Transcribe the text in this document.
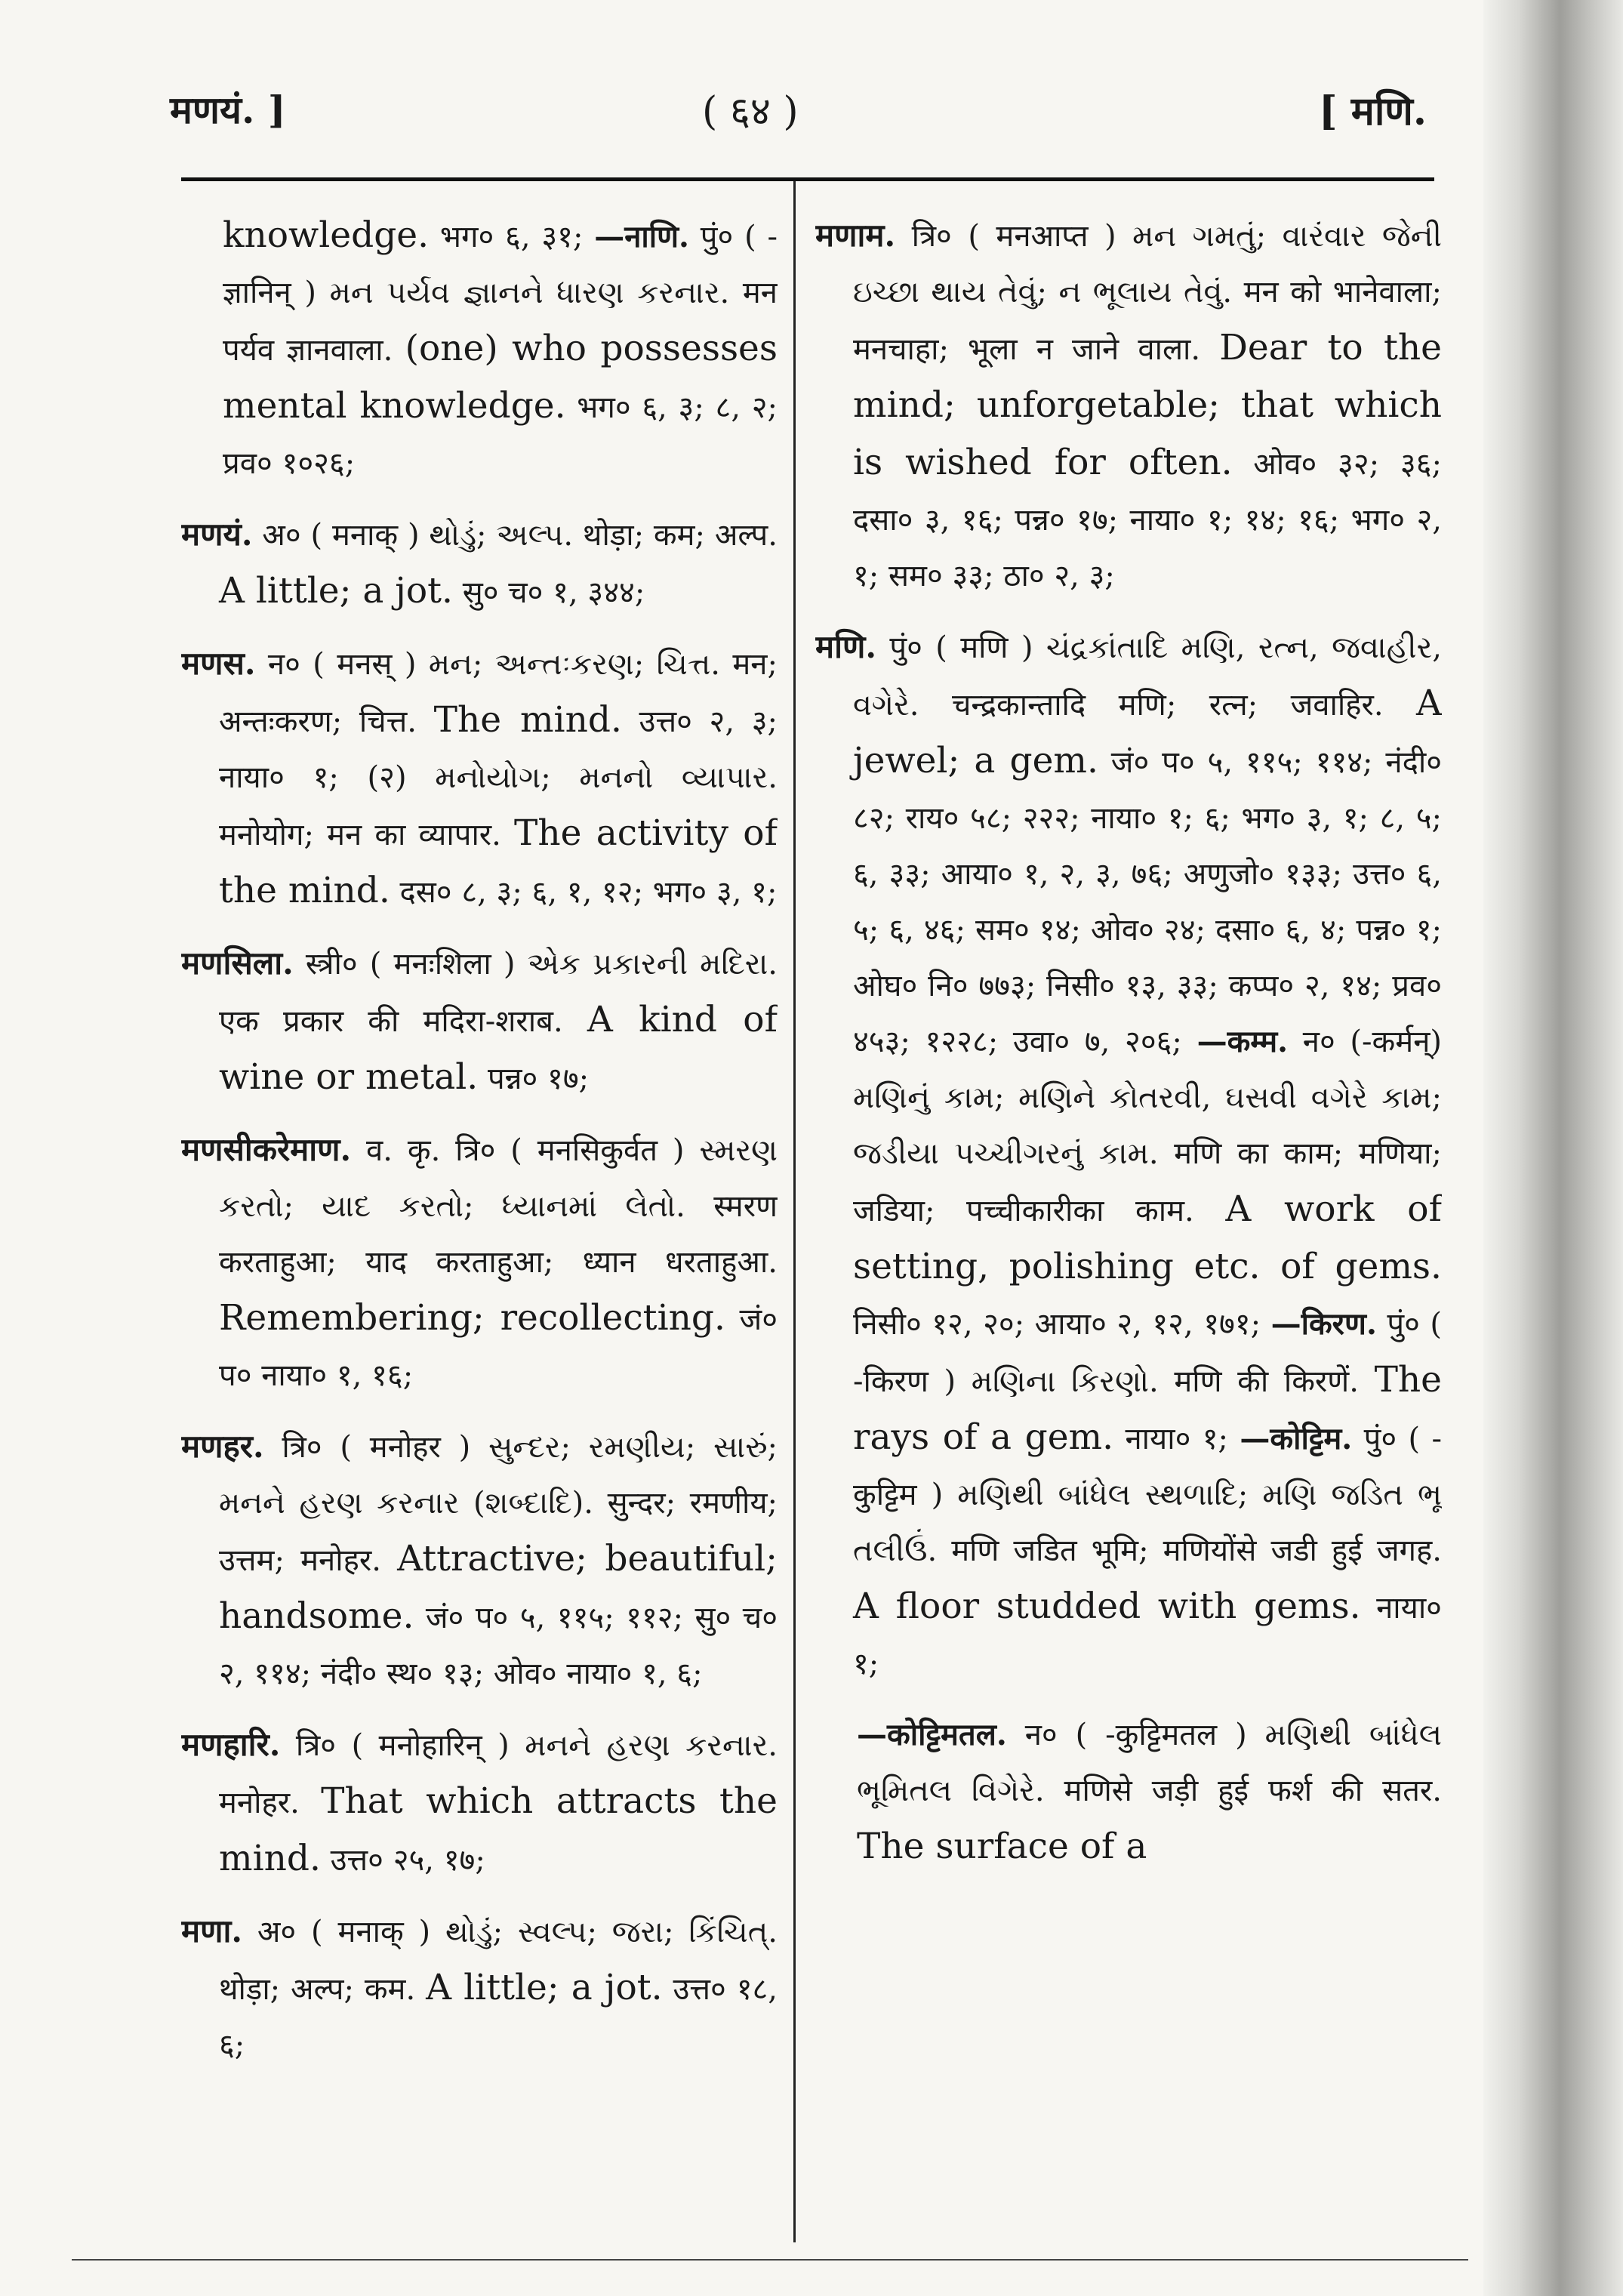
मणयं. ]	( ६४ )	[ मणि.

knowledge. भग० ६, ३१; —नाणि. पुं० ( -ज्ञानिन् ) મન પર્યવ જ્ઞાનને ધારણ કરનાર. मन पर्यव ज्ञानवाला. (one) who possesses mental knowledge. भग० ६, ३; ८, २; प्रव० १०२६;

मणयं. अ० ( मनाक् ) થોડું; અલ્પ. थोड़ा; कम; अल्प. A little; a jot. सु० च० १, ३४४;

मणस. न० ( मनस् ) મન; અન્તઃકરણ; ચિત્ત. मन; अन्तःकरण; चित्त. The mind. उत्त० २, ३; नाया० १; (२) મનોયોગ; મનનો વ્યાપાર. मनोयोग; मन का व्यापार. The activity of the mind. दस० ८, ३; ६, १, १२; भग० ३, १;

मणसिला. स्त्री० ( मनःशिला ) એક પ્રકારની મદિરા. एक प्रकार की मदिरा-शराब. A kind of wine or metal. पन्न० १७;

मणसीकरेमाण. व. कृ. त्रि० ( मनसिकुर्वत ) સ્મરણ કરતો; યાદ કરતો; ધ્યાનમાં લેતો. स्मरण करताहुआ; याद करताहुआ; ध्यान धरताहुआ. Remembering; recollecting. जं० प० नाया० १, १६;

मणहर. त्रि० ( मनोहर ) સુન્દર; રમણીય; સારું; મનને હરણ કરનાર (શબ્દાદિ). सुन्दर; रमणीय; उत्तम; मनोहर. Attractive; beautiful; handsome. जं० प० ५, ११५; ११२; सु० च० २, ११४; नंदी० स्थ० १३; ओव० नाया० १, ६;

मणहारि. त्रि० ( मनोहारिन् ) મનને હરણ કરનાર. मनोहर. That which attracts the mind. उत्त० २५, १७;

मणा. अ० ( मनाक् ) થોડું; સ્વલ્પ; જરા; કિંચિત્. थोड़ा; अल्प; कम. A little; a jot. उत्त० १८, ६;

मणाम. त्रि० ( मनआप्त ) મન ગમતું; વારંવાર જેની ઇચ્છા થાય તેવું; ન ભૂલાય તેવું. मन को भानेवाला; मनचाहा; भूला न जाने वाला. Dear to the mind; unforgetable; that which is wished for often. ओव० ३२; ३६; दसा० ३, १६; पन्न० १७; नाया० १; १४; १६; भग० २, १; सम० ३३; ठा० २, ३;

मणि. पुं० ( मणि ) ચંદ્રકાંતાદિ મણિ, રત્ન, જવાહીર, વગેરે. चन्द्रकान्तादि मणि; रत्न; जवाहिर. A jewel; a gem. जं० प० ५, ११५; ११४; नंदी० ८२; राय० ५८; २२२; नाया० १; ६; भग० ३, १; ८, ५; ६, ३३; आया० १, २, ३, ७६; अणुजो० १३३; उत्त० ६, ५; ६, ४६; सम० १४; ओव० २४; दसा० ६, ४; पन्न० १; ओघ० नि० ७७३; निसी० १३, ३३; कप्प० २, १४; प्रव० ४५३; १२२८; उवा० ७, २०६; —कम्म. न० (-कर्मन्) મણિનું કામ; મણિને કોતરવી, ઘસવી વગેરે કામ; જડીયા પચ્ચીગરનું કામ. मणि का काम; मणिया; जडिया; पच्चीकारीका काम. A work of setting, polishing etc. of gems. निसी० १२, २०; आया० २, १२, १७१; —किरण. पुं० ( -किरण ) મણિના કિરણો. मणि की किरणें. The rays of a gem. नाया० १; —कोट्टिम. पुं० ( -कुट्टिम ) મણિથી બાંધેલ સ્થળાદિ; મણિ જડિત ભૂ તલીઉં. मणि जडित भूमि; मणियोंसे जडी हुई जगह. A floor studded with gems. नाया० १;

—कोट्टिमतल. न० ( -कुट्टिमतल ) મણિથી બાંધેલ ભૂમિતલ વિગેરે. मणिसे जड़ी हुई फर्श की सतर. The surface of a
